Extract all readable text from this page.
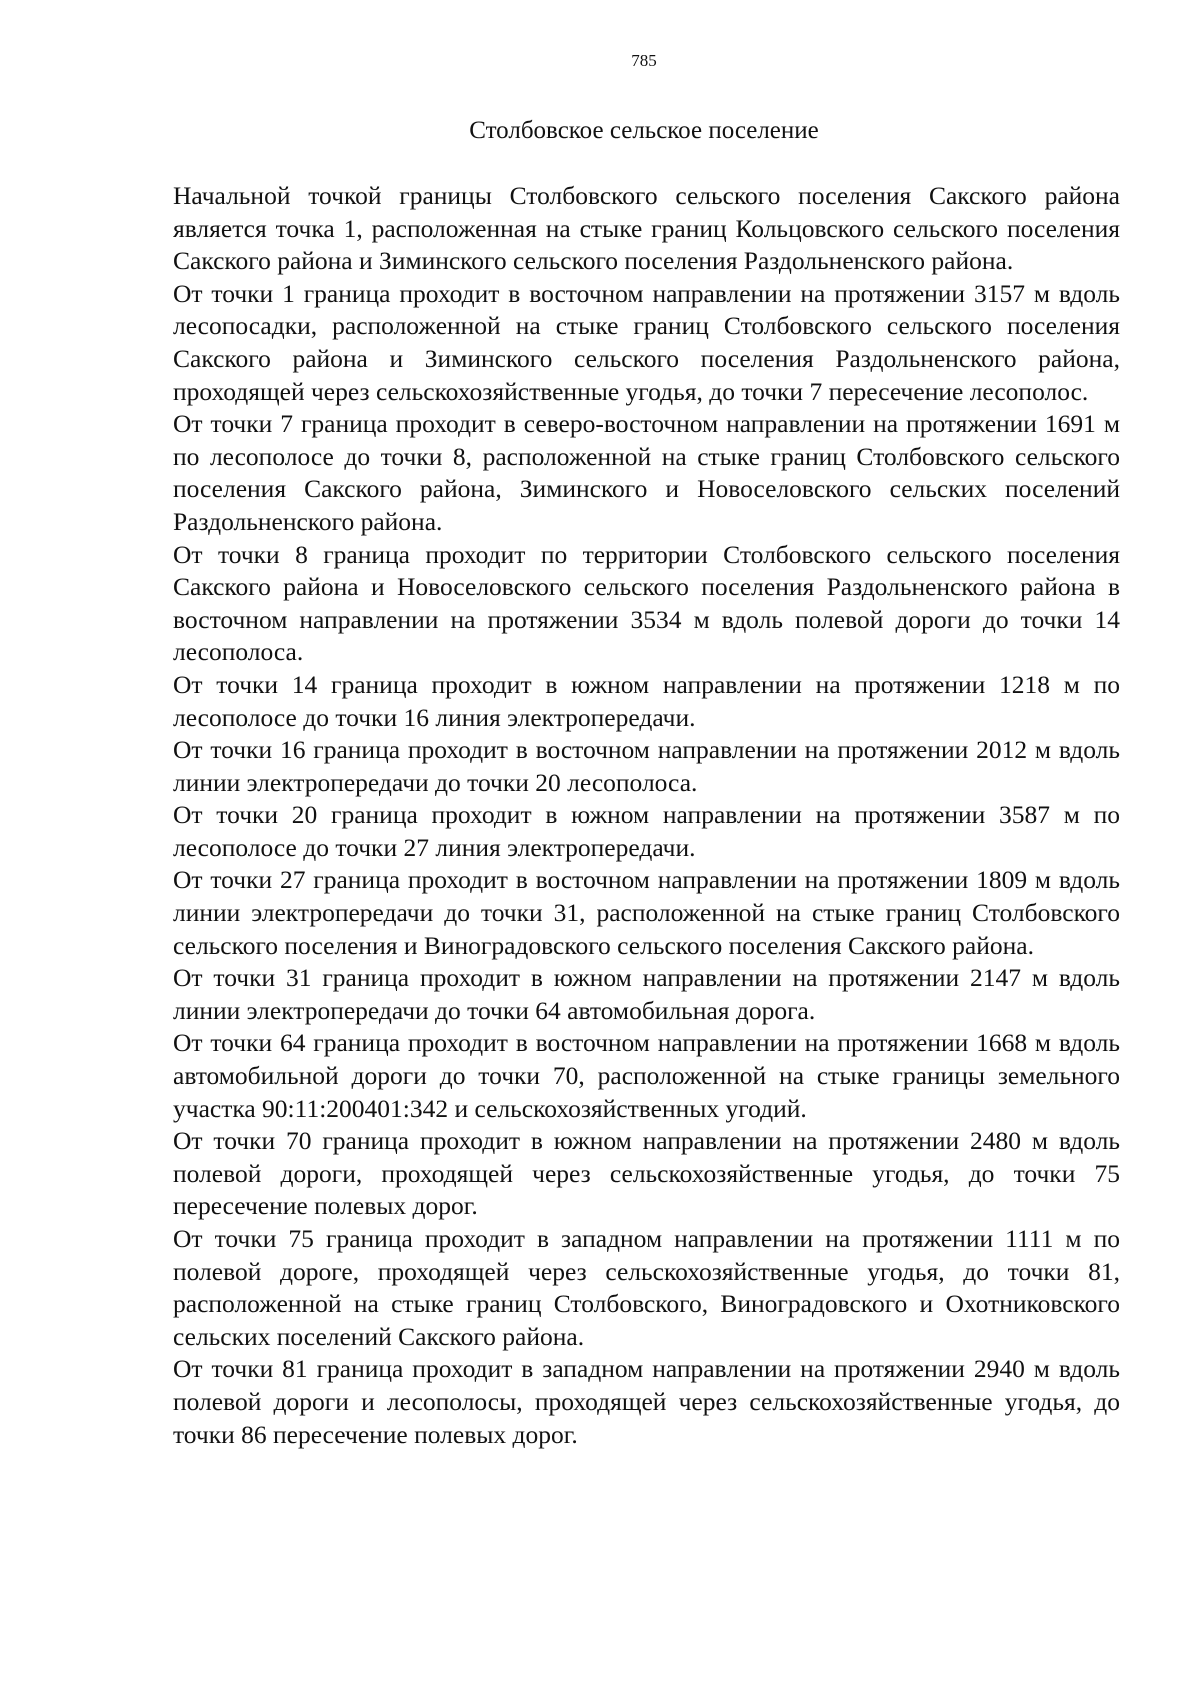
785
Столбовское сельское поселение

Начальной точкой границы Столбовского сельского поселения Сакского района является точка 1, расположенная на стыке границ Кольцовского сельского поселения Сакского района и Зиминского сельского поселения Раздольненского района.

От точки 1 граница проходит в восточном направлении на протяжении 3157 м вдоль лесопосадки, расположенной на стыке границ Столбовского сельского поселения Сакского района и Зиминского сельского поселения Раздольненского района, проходящей через сельскохозяйственные угодья, до точки 7 пересечение лесополос.

От точки 7 граница проходит в северо-восточном направлении на протяжении 1691 м по лесополосе до точки 8, расположенной на стыке границ Столбовского сельского поселения Сакского района, Зиминского и Новоселовского сельских поселений Раздольненского района.

От точки 8 граница проходит по территории Столбовского сельского поселения Сакского района и Новоселовского сельского поселения Раздольненского района в восточном направлении на протяжении 3534 м вдоль полевой дороги до точки 14 лесополоса.

От точки 14 граница проходит в южном направлении на протяжении 1218 м по лесополосе до точки 16 линия электропередачи.

От точки 16 граница проходит в восточном направлении на протяжении 2012 м вдоль линии электропередачи до точки 20 лесополоса.

От точки 20 граница проходит в южном направлении на протяжении 3587 м по лесополосе до точки 27 линия электропередачи.

От точки 27 граница проходит в восточном направлении на протяжении 1809 м вдоль линии электропередачи до точки 31, расположенной на стыке границ Столбовского сельского поселения и Виноградовского сельского поселения Сакского района.

От точки 31 граница проходит в южном направлении на протяжении 2147 м вдоль линии электропередачи до точки 64 автомобильная дорога.

От точки 64 граница проходит в восточном направлении на протяжении 1668 м вдоль автомобильной дороги до точки 70, расположенной на стыке границы земельного участка 90:11:200401:342 и сельскохозяйственных угодий.

От точки 70 граница проходит в южном направлении на протяжении 2480 м вдоль полевой дороги, проходящей через сельскохозяйственные угодья, до точки 75 пересечение полевых дорог.

От точки 75 граница проходит в западном направлении на протяжении 1111 м по полевой дороге, проходящей через сельскохозяйственные угодья, до точки 81, расположенной на стыке границ Столбовского, Виноградовского и Охотниковского сельских поселений Сакского района.

От точки 81 граница проходит в западном направлении на протяжении 2940 м вдоль полевой дороги и лесополосы, проходящей через сельскохозяйственные угодья, до точки 86 пересечение полевых дорог.
